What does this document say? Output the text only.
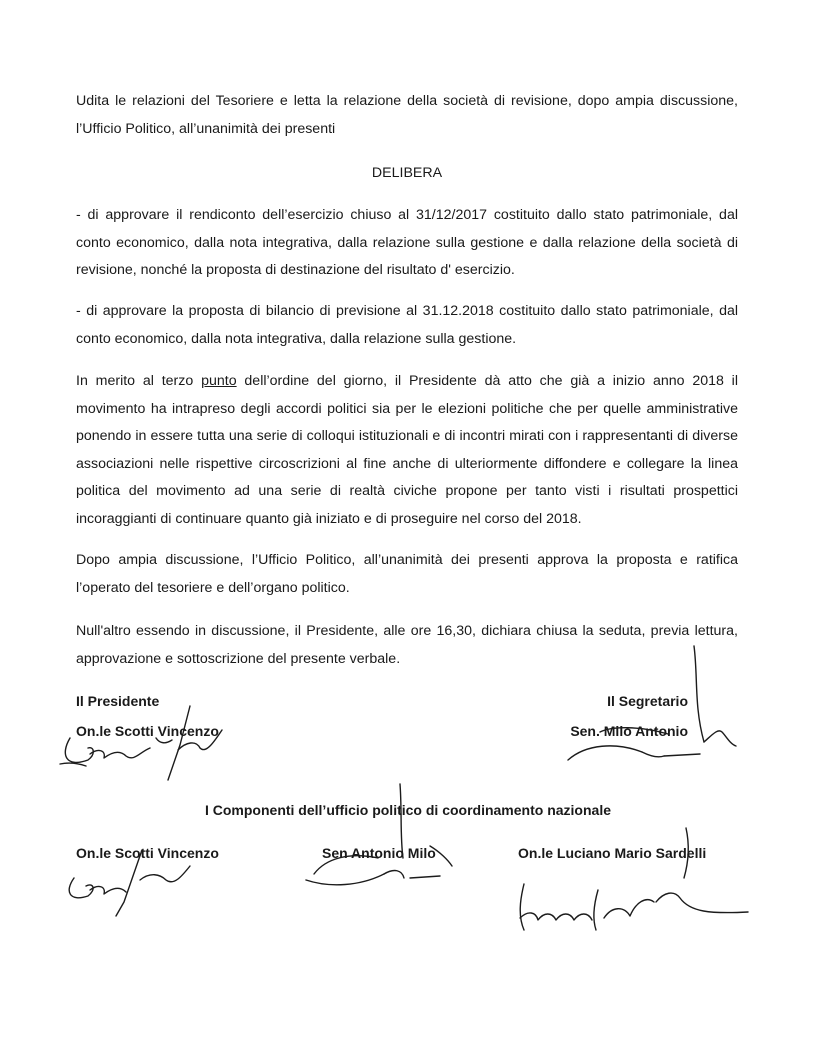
Udita le relazioni del Tesoriere e letta la relazione della società di revisione, dopo ampia discussione, l’Ufficio Politico, all’unanimità dei presenti

DELIBERA

- di approvare il rendiconto dell’esercizio chiuso al 31/12/2017 costituito dallo stato patrimoniale, dal conto economico, dalla nota integrativa, dalla relazione sulla gestione e dalla relazione della società di revisione, nonché la proposta di destinazione del risultato d' esercizio.

- di approvare la proposta di bilancio di previsione al 31.12.2018 costituito dallo stato patrimoniale, dal conto economico, dalla nota integrativa, dalla relazione sulla gestione.

In merito al terzo punto dell’ordine del giorno, il Presidente dà atto che già a inizio anno 2018 il movimento ha intrapreso degli accordi politici sia per le elezioni politiche che per quelle amministrative ponendo in essere tutta una serie di colloqui istituzionali e di incontri mirati con i rappresentanti di diverse associazioni nelle rispettive circoscrizioni al fine anche di ulteriormente diffondere e collegare la linea politica del movimento ad una serie di realtà civiche propone per tanto visti i risultati prospettici incoraggianti di continuare quanto già iniziato e di proseguire nel corso del 2018.

Dopo ampia discussione, l’Ufficio Politico, all’unanimità dei presenti approva la proposta e ratifica l’operato del tesoriere e dell’organo politico.

Null'altro essendo in discussione, il Presidente, alle ore 16,30, dichiara chiusa la seduta, previa lettura, approvazione e sottoscrizione del presente verbale.

Il Presidente
On.le Scotti Vincenzo
Il Segretario
Sen. Milo Antonio
I Componenti dell’ufficio politico di coordinamento nazionale
On.le Scotti Vincenzo	Sen Antonio Milo	On.le Luciano Mario Sardelli
